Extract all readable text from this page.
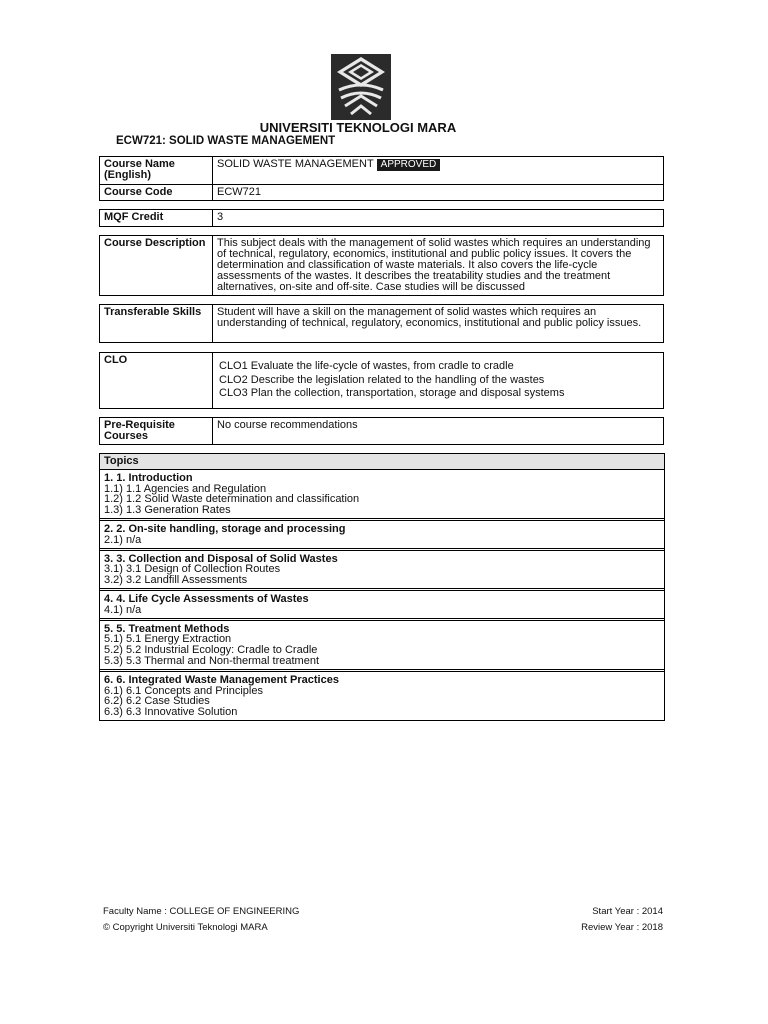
UNIVERSITI TEKNOLOGI MARA
ECW721: SOLID WASTE MANAGEMENT
Course Name (English)	SOLID WASTE MANAGEMENT APPROVED
Course Code	ECW721
MQF Credit	3
Course Description	This subject deals with the management of solid wastes which requires an understanding of technical, regulatory, economics, institutional and public policy issues. It covers the determination and classification of waste materials. It also covers the life-cycle assessments of the wastes. It describes the treatability studies and the treatment alternatives, on-site and off-site. Case studies will be discussed
Transferable Skills	Student will have a skill on the management of solid wastes which requires an understanding of technical, regulatory, economics, institutional and public policy issues.
CLO	CLO1 Evaluate the life-cycle of wastes, from cradle to cradle
CLO2 Describe the legislation related to the handling of the wastes
CLO3 Plan the collection, transportation, storage and disposal systems
Pre-Requisite Courses	No course recommendations
Topics
1. 1. Introduction
1.1) 1.1 Agencies and Regulation
1.2) 1.2 Solid Waste determination and classification
1.3) 1.3 Generation Rates
2. 2. On-site handling, storage and processing
2.1) n/a
3. 3. Collection and Disposal of Solid Wastes
3.1) 3.1 Design of Collection Routes
3.2) 3.2 Landfill Assessments
4. 4. Life Cycle Assessments of Wastes
4.1) n/a
5. 5. Treatment Methods
5.1) 5.1 Energy Extraction
5.2) 5.2 Industrial Ecology: Cradle to Cradle
5.3) 5.3 Thermal and Non-thermal treatment
6. 6. Integrated Waste Management Practices
6.1) 6.1 Concepts and Principles
6.2) 6.2 Case Studies
6.3) 6.3 Innovative Solution
Faculty Name : COLLEGE OF ENGINEERING
© Copyright Universiti Teknologi MARA
Start Year : 2014
Review Year : 2018
